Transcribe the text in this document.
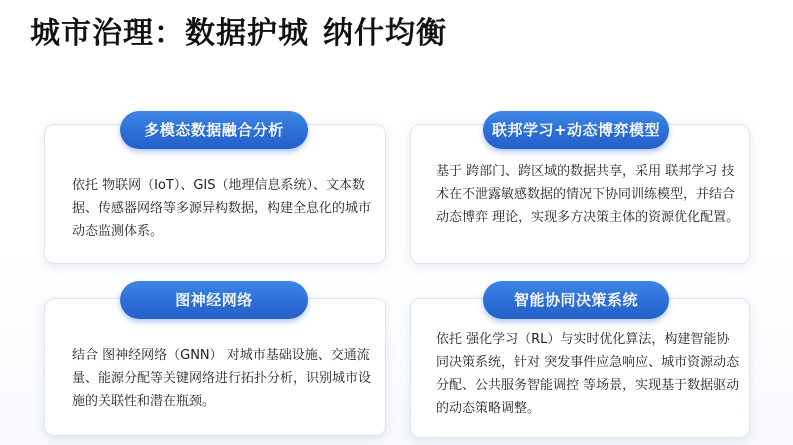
城市治理：数据护城 纳什均衡
依托 物联网（IoT）、GIS（地理信息系统）、文本数据、传感器网络等多源异构数据，构建全息化的城市动态监测体系。
多模态数据融合分析
基于 跨部门、跨区域的数据共享，采用 联邦学习 技术在不泄露敏感数据的情况下协同训练模型，并结合 动态博弈 理论，实现多方决策主体的资源优化配置。
联邦学习+动态博弈模型
结合 图神经网络（GNN） 对城市基础设施、交通流量、能源分配等关键网络进行拓扑分析，识别城市设施的关联性和潜在瓶颈。
图神经网络
依托 强化学习（RL）与实时优化算法，构建智能协同决策系统，针对 突发事件应急响应、城市资源动态分配、公共服务智能调控 等场景，实现基于数据驱动的动态策略调整。
智能协同决策系统
